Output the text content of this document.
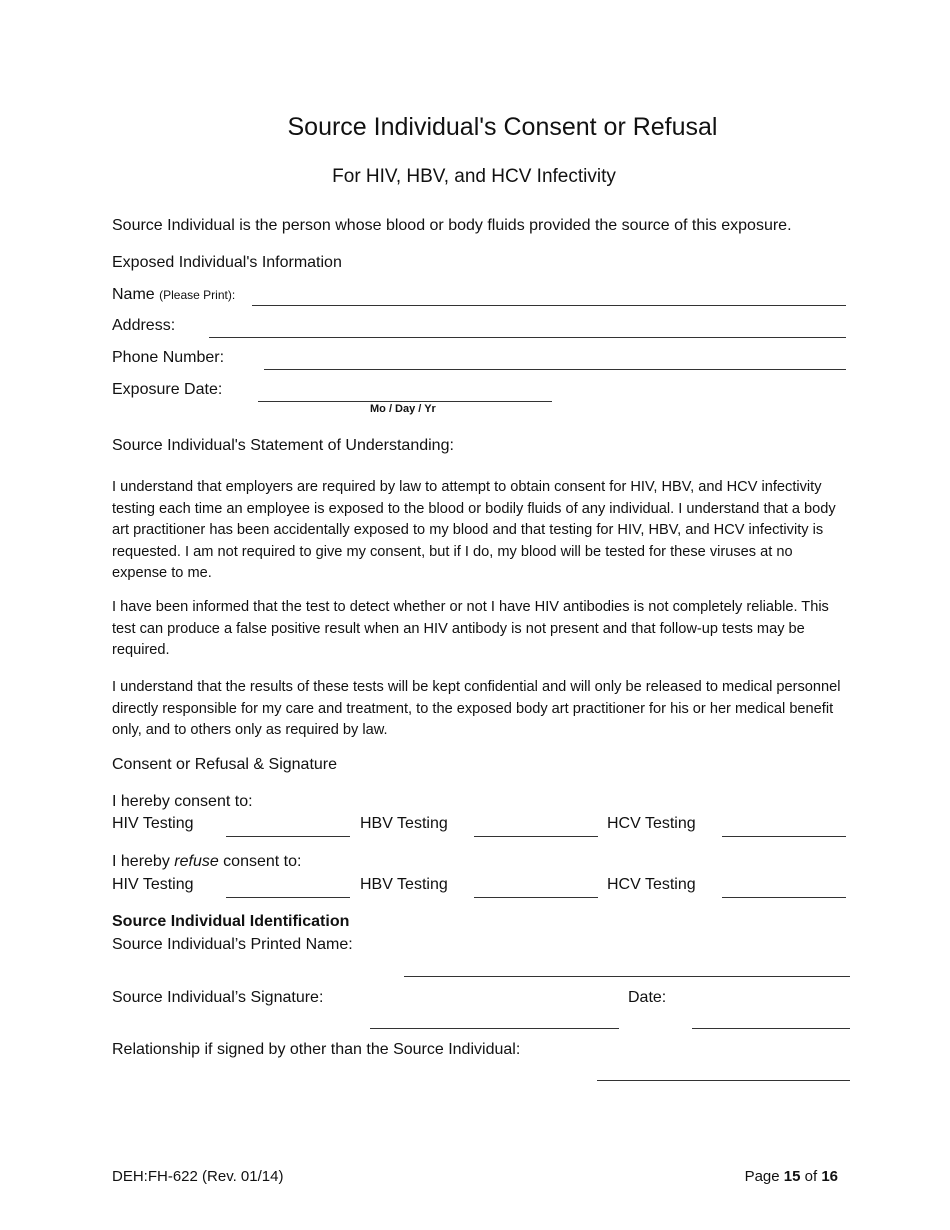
Source Individual's Consent or Refusal
For HIV, HBV, and HCV Infectivity
Source Individual is the person whose blood or body fluids provided the source of this exposure.
Exposed Individual's Information
Name (Please Print):
Address:
Phone Number:
Exposure Date:
Mo / Day / Yr
Source Individual's Statement of Understanding:
I understand that employers are required by law to attempt to obtain consent for HIV, HBV, and HCV infectivity testing each time an employee is exposed to the blood or bodily fluids of any individual. I understand that a body art practitioner has been accidentally exposed to my blood and that testing for HIV, HBV, and HCV infectivity is requested. I am not required to give my consent, but if I do, my blood will be tested for these viruses at no expense to me.
I have been informed that the test to detect whether or not I have HIV antibodies is not completely reliable. This test can produce a false positive result when an HIV antibody is not present and that follow-up tests may be required.
I understand that the results of these tests will be kept confidential and will only be released to medical personnel directly responsible for my care and treatment, to the exposed body art practitioner for his or her medical benefit only, and to others only as required by law.
Consent or Refusal & Signature
I hereby consent to:
HIV Testing	HBV Testing	HCV Testing
I hereby refuse consent to:
HIV Testing	HBV Testing	HCV Testing
Source Individual Identification
Source Individual’s Printed Name:
Source Individual’s Signature:	Date:
Relationship if signed by other than the Source Individual:
DEH:FH-622 (Rev. 01/14)	Page 15 of 16
